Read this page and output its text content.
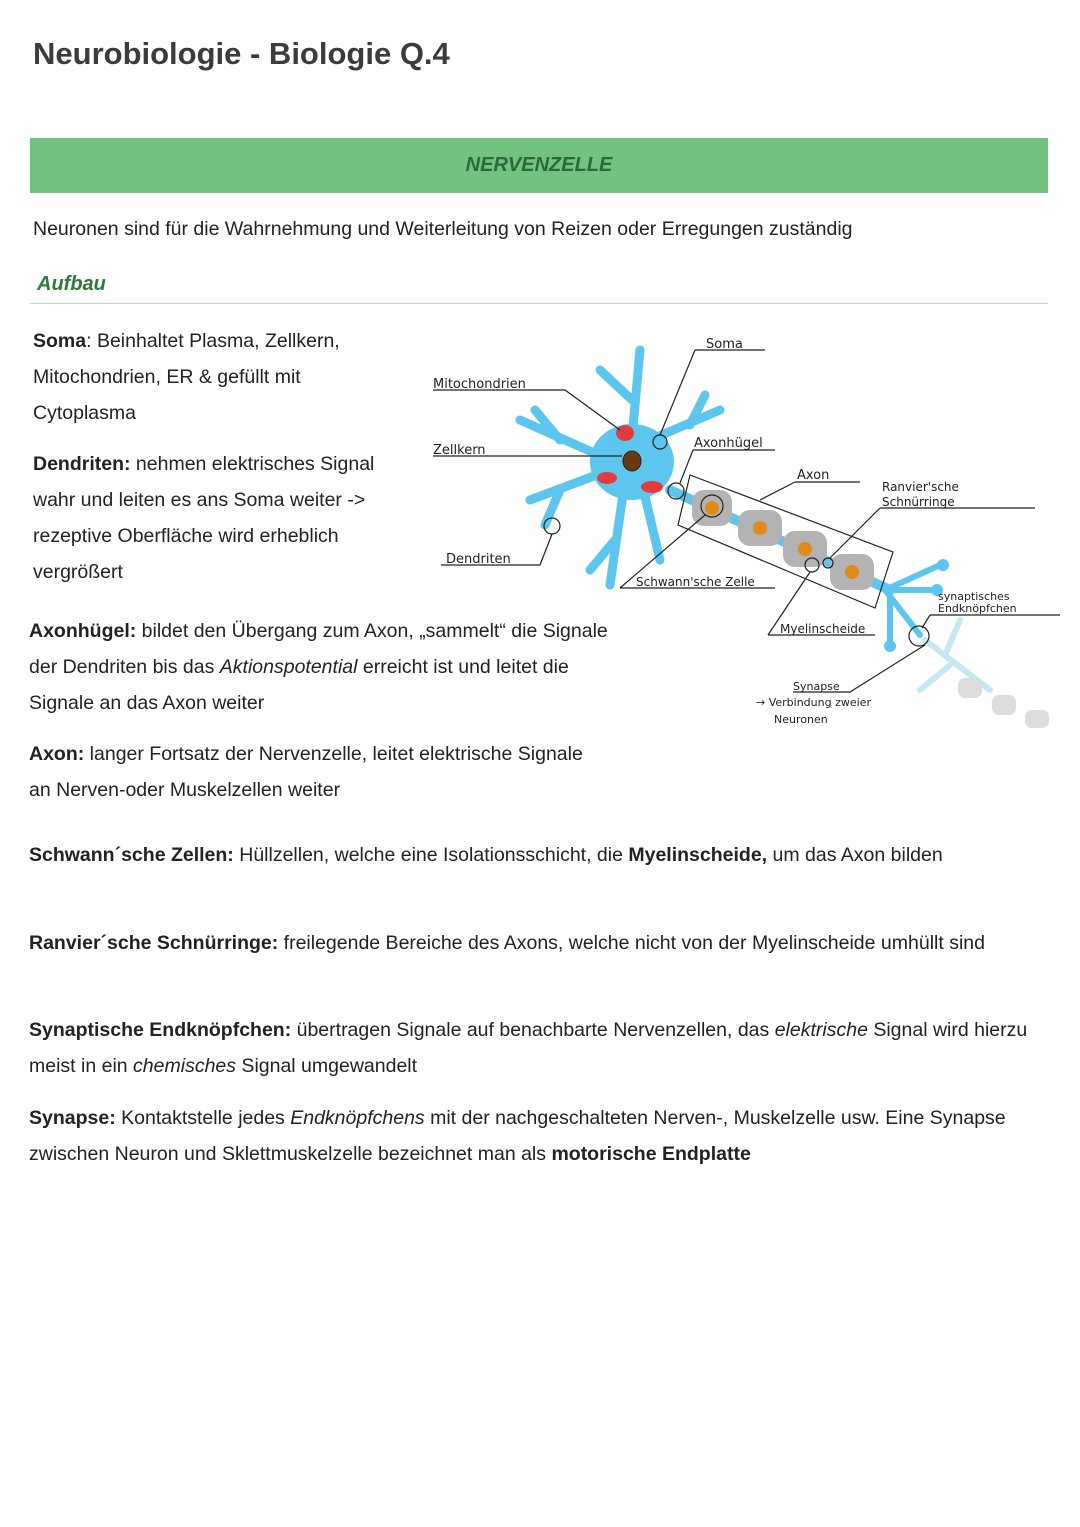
Neurobiologie - Biologie Q.4
NERVENZELLE
Neuronen sind für die Wahrnehmung und Weiterleitung von Reizen oder Erregungen zuständig
Aufbau
Soma: Beinhaltet Plasma, Zellkern, Mitochondrien, ER & gefüllt mit Cytoplasma
Dendriten: nehmen elektrisches Signal wahr und leiten es ans Soma weiter -> rezeptive Oberfläche wird erheblich vergrößert
Axonhügel: bildet den Übergang zum Axon, „sammelt“ die Signale der Dendriten bis das Aktionspotential erreicht ist und leitet die Signale an das Axon weiter
Axon: langer Fortsatz der Nervenzelle, leitet elektrische Signale an Nerven-oder Muskelzellen weiter
Schwann´sche Zellen: Hüllzellen, welche eine Isolationsschicht, die Myelinscheide, um das Axon bilden
Ranvier´sche Schnürringe: freilegende Bereiche des Axons, welche nicht von der Myelinscheide umhüllt sind
Synaptische Endknöpfchen: übertragen Signale auf benachbarte Nervenzellen, das elektrische Signal wird hierzu meist in ein chemisches Signal umgewandelt
Synapse: Kontaktstelle jedes Endknöpfchens mit der nachgeschalteten Nerven-, Muskelzelle usw. Eine Synapse zwischen Neuron und Sklettmuskelzelle bezeichnet man als motorische Endplatte
Soma
Mitochondrien
Zellkern	Axonhügel
Axon
Ranvier'sche
Schnürringe
Dendriten
Schwann'sche Zelle
synaptisches
Endknöpfchen
Myelinscheide
Synapse
→ Verbindung zweier
Neuronen
